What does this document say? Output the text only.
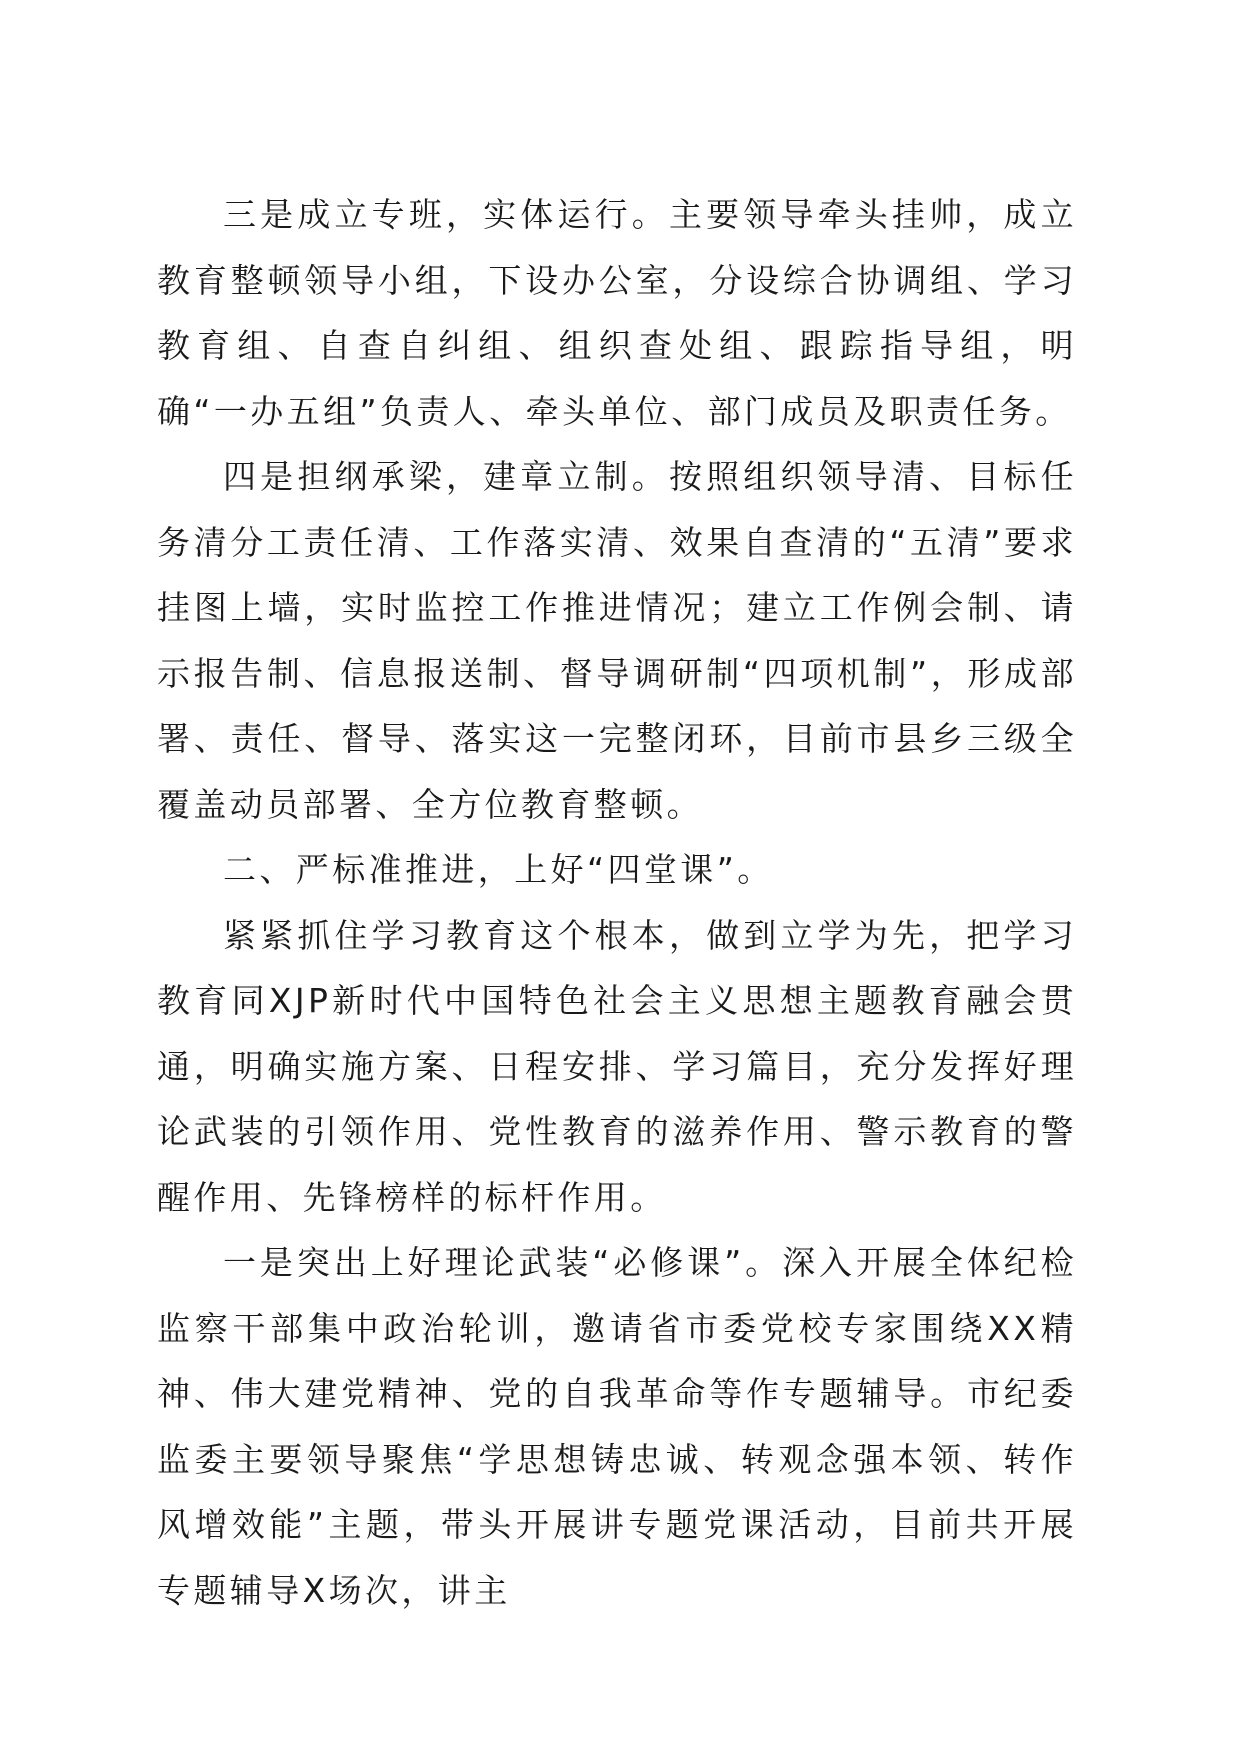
三是成立专班，实体运行。主要领导牵头挂帅，成立教育整顿领导小组，下设办公室，分设综合协调组、学习教育组、自查自纠组、组织查处组、跟踪指导组，明确“一办五组”负责人、牵头单位、部门成员及职责任务。

四是担纲承梁，建章立制。按照组织领导清、目标任务清分工责任清、工作落实清、效果自查清的“五清”要求挂图上墙，实时监控工作推进情况；建立工作例会制、请示报告制、信息报送制、督导调研制“四项机制”，形成部署、责任、督导、落实这一完整闭环，目前市县乡三级全覆盖动员部署、全方位教育整顿。

二、严标准推进，上好“四堂课”。

紧紧抓住学习教育这个根本，做到立学为先，把学习教育同XJP新时代中国特色社会主义思想主题教育融会贯通，明确实施方案、日程安排、学习篇目，充分发挥好理论武装的引领作用、党性教育的滋养作用、警示教育的警醒作用、先锋榜样的标杆作用。

一是突出上好理论武装“必修课”。深入开展全体纪检监察干部集中政治轮训，邀请省市委党校专家围绕XX精神、伟大建党精神、党的自我革命等作专题辅导。市纪委监委主要领导聚焦“学思想铸忠诚、转观念强本领、转作风增效能”主题，带头开展讲专题党课活动，目前共开展专题辅导X场次，讲主
